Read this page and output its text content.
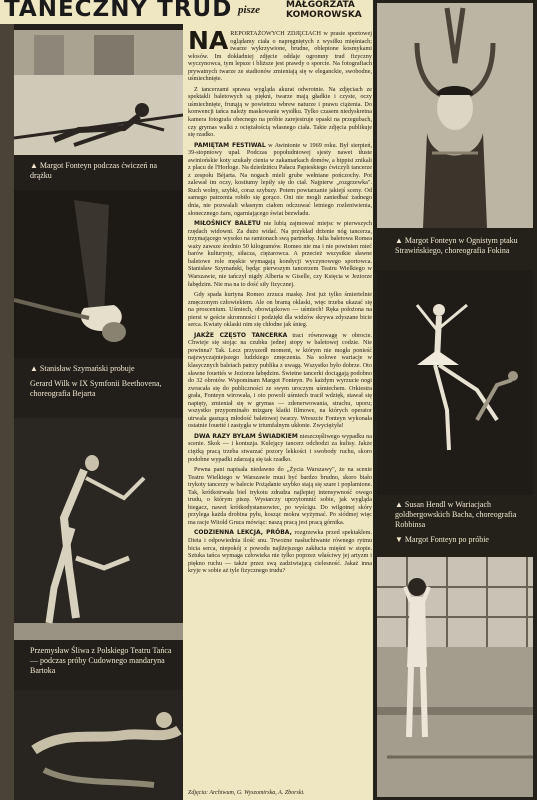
TANECZNY TRUD pisze	MAŁGORZATA
KOMOROWSKA
▲ Margot Fonteyn podczas ćwiczeń na drążku
▲ Stanisław Szymański probuje
Gerard Wilk w IX Symfonii Beethovena, choreografia Bejarta
Przemysław Śliwa z Polskiego Teatru Tańca — podczas próby Cudownego mandaryna Bartoka

NA REPORTAŻOWYCH ZDJĘCIACH w prasie sportowej oglądamy ciała o napręgniętych z wysiłku mięśniach; twarze wykrzywione, brudne, oblepione kosmykami włosów. Im dokładniej zdjęcie oddaje ogromny trud fizyczny wyczynowca, tym lepsze i bliższe jest prawdy o sporcie. Na fotografiach prywatnych twarze ze stadionów zmieniają się w eleganckie, swobodne, uśmiechnięte.

Z tancerzami sprawa wygląda akurat odwrotnie. Na zdjęciach ze spektakli baletowych są piękni, twarze mają gładkie i czyste, oczy uśmiechnięte, frunąją w powietrzu wbrew naturze i prawu ciążenia. Do konwencji tańca należy maskowanie wysiłku. Tylko czasem niedyskretna kamera fotografa obecnego na próbie zarejestruje opaski na przegubach, czy grymas walki z ociężałością własnego ciała. Takie zdjęcia publikuje się rzadko.

PAMIĘTAM FESTIWAL w Awinionie w 1969 roku. Był sierpień, 39-stopniowy upał. Podczas popołudniowej sjesty nawet tłuste awiniońskie koty szukały cienia w zakamarkach domów, a hippisi znikali z placu de l'Horloge. Na dziedzińcu Pałacu Papieskiego ćwiczyli tancerze z zespołu Béjarta. Na nogach mieli grube wełniane pończochy. Pot zalewał im oczy, kostiumy lepiły się do ciał. Najpierw „rozgrzewka". Ruch wolny, szybki, coraz szybszy. Potem powtarzanie jakiejś sceny. Od samego patrzenia robiło się gorąco. Oni nie mogli zaniedbać żadnego dnia, nie pozwalali własnym ciałom odczuwać letniego rozleniwienia, słonecznego żaru, ogarniającego świat bezwładu.

MIŁOŚNICY BALETU nie lubią zajmować miejsc w pierwszych rzędach widowni. Za dużo widać. Na przykład drżenie nóg tancerza, trzymającego wysoko na ramionach swą partnerkę. Julia baletowa Romea waży zawsze średnio 50 kilogramów. Romeo nie ma i nie powinien mieć barów kulturysty, siłacza, ciężarowca. A przecież wszystkie sławne baletowe role męskie wymagają kondycji wyczynowego sportowca. Stanisław Szymański, będąc pierwszym tancerzem Teatru Wielkiego w Warszawie, nie tańczył nigdy Alberta w Giselle, czy Księcia w Jeziorze łabędzim. Nie ma na to dość siły fizycznej.

Gdy spada kurtyna Romeo zrzuca maskę. Jest już tylko śmiertelnie zmęczonym człowiekiem. Ale on bramą oklaski, więc trzeba ukazać się na proscenium. Uśmiech, obowiązkowo — uśmiech! Ręka położona na piersi w geście skromności i podzięki dla widzów skrywa zdyszane bicie serca. Kwiaty oklaski nim się chłodne jak śnieg.

JAKŻE CZĘSTO TANCERKA traci równowagę w obrocie. Chwieje się stojąc na czubku jednej stopy w baletowej codzie. Nie powinna? Tak. Lecz przyszedł moment, w którym nie mogła ponieść najzwyczajniejszego ludzkiego zmęczenia. Na solowe wariacje w klasycznych baletach patrzy publika z uwagą. Wszystko było dobrze. Oto sławne fouettés w Jeziorze łabędzim. Świetne tancerki dociągają podobno do 32 obrotów. Wspominam Margot Fonteyn. Po każdym wyrzucie nogi zwracała się do publiczności ze swym uroczym uśmiechem. Orkiestra grała, Fonteyn wirowała, i oto powoli uśmiech tracił wdzięk, stawał się napięty, zmieniał się w grymas — zdenerwowania, strachu, uporu; wszystko przypominało mizgarę klatki filmowe, na których operator utrwala gasnącą młodość baletowej twarzy. Wreszcie Fonteyn wykonała ostatnie fouetté i zastygła w triumfalnym ukłonie. Zwyciężyła!

DWA RAZY BYŁAM ŚWIADKIEM nieszczęśliwego wypadku na scenie. Skok — i kontuzja. Kulejący tancerz odchodzi za kulisy. Jakże ciężką pracą trzeba stwarzać pozory lekkości i swobody ruchu, skoro podobne wypadki zdarzają się tak rzadko.

Pewna pani napisała niedawno do „Życia Warszawy", że na scenie Teatru Wielkiego w Warszawie musi być bardzo brudno, skoro biało trykoty tancerzy w balecie Pożądanie szybko stają się szare i poplamione. Tak, krótkotrwała biel trykotu zdradza najlepiej intensywność owego trudu, o którym piszę. Wystarczy uprzytomnić sobie, jak wygląda biegacz, nawet krótkodystansowiec, po wyścigu. Do wilgotnej skóry przylega każda drobina pyłu, kosząc mokra wyżymać. Po siódmej więc ma racje Witold Gruca mówiąc: naszą pracą jest pracą górnika.

CODZIENNA LEKCJA, PRÓBA, rozgrzewka przed spektaklem. Dieta i odpowiednia ilość snu. Trwożne nasłuchiwanie równego rytmu bicia serca, niepokój z powodu najlżejszego zakłucia mięśni w stopie. Sztuka tańca wymaga człowieka nie tylko poprzez właściwy jej artyzm i piękno ruchu — także przez swą zadziwiającą cielesność. Jakaż inna kryje w sobie aż tyle fizycznego trudu?

Zdjęcia: Archiwum, G. Wyszomirska, A. Zborski.
▲ Margot Fonteyn w Ognistym ptaku Strawińskiego, choreografia Fokina
▲ Susan Hendl w Wariacjach goldbergowskich Bacha, choreografia Robbinsa
▼ Margot Fonteyn po próbie
